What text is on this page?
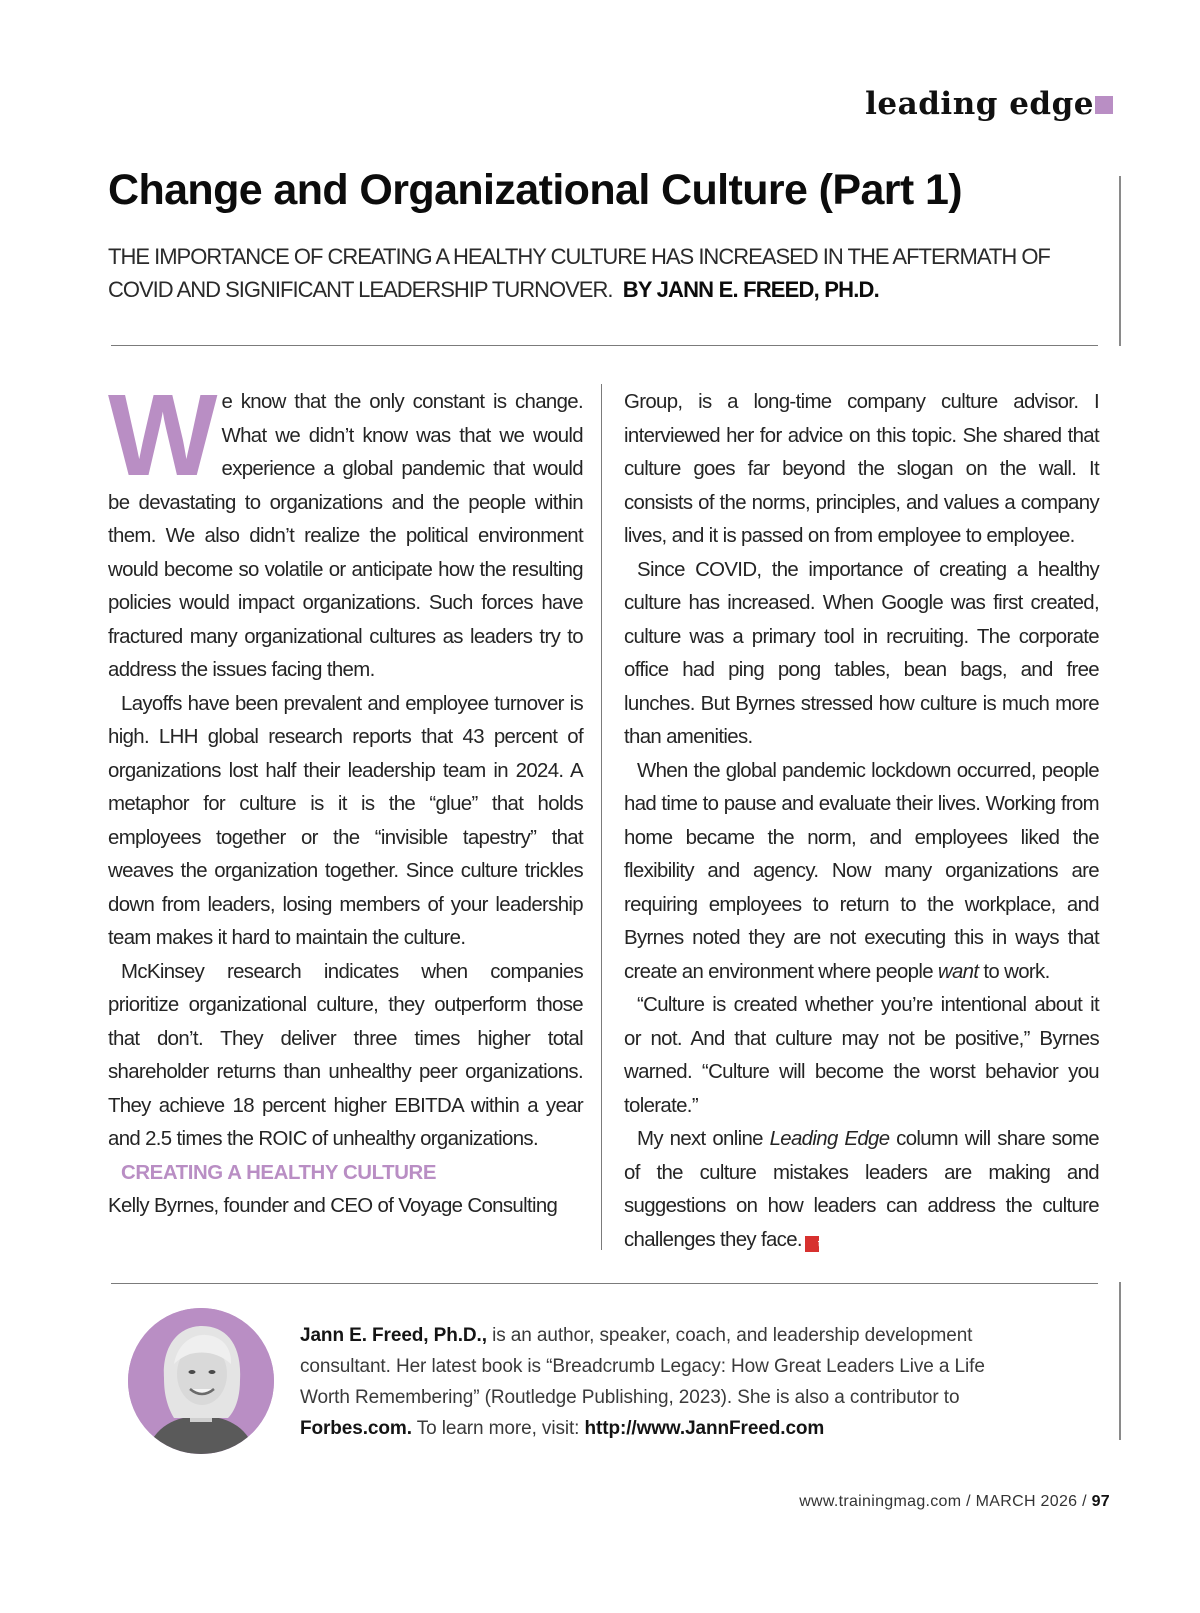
leading edge
Change and Organizational Culture (Part 1)
THE IMPORTANCE OF CREATING A HEALTHY CULTURE HAS INCREASED IN THE AFTERMATH OF COVID AND SIGNIFICANT LEADERSHIP TURNOVER. BY JANN E. FREED, PH.D.

We know that the only constant is change. What we didn’t know was that we would experience a global pandemic that would be devastating to organizations and the people within them. We also didn’t realize the political environment would become so volatile or anticipate how the resulting policies would impact organizations. Such forces have fractured many organizational cultures as leaders try to address the issues facing them.

Layoffs have been prevalent and employee turnover is high. LHH global research reports that 43 percent of organizations lost half their leadership team in 2024. A metaphor for culture is it is the “glue” that holds employees together or the “invisible tapestry” that weaves the organization together. Since culture trickles down from leaders, losing members of your leadership team makes it hard to maintain the culture.

McKinsey research indicates when companies prioritize organizational culture, they outperform those that don’t. They deliver three times higher total shareholder returns than unhealthy peer organizations. They achieve 18 percent higher EBITDA within a year and 2.5 times the ROIC of unhealthy organizations.

CREATING A HEALTHY CULTURE

Kelly Byrnes, founder and CEO of Voyage Consulting

Group, is a long-time company culture advisor. I interviewed her for advice on this topic. She shared that culture goes far beyond the slogan on the wall. It consists of the norms, principles, and values a company lives, and it is passed on from employee to employee.

Since COVID, the importance of creating a healthy culture has increased. When Google was first created, culture was a primary tool in recruiting. The corporate office had ping pong tables, bean bags, and free lunches. But Byrnes stressed how culture is much more than amenities.

When the global pandemic lockdown occurred, people had time to pause and evaluate their lives. Working from home became the norm, and employees liked the flexibility and agency. Now many organizations are requiring employees to return to the workplace, and Byrnes noted they are not executing this in ways that create an environment where people want to work.

“Culture is created whether you’re intentional about it or not. And that culture may not be positive,” Byrnes warned. “Culture will become the worst behavior you tolerate.”

My next online Leading Edge column will share some of the culture mistakes leaders are making and suggestions on how leaders can address the culture challenges they face. t

Jann E. Freed, Ph.D., is an author, speaker, coach, and leadership development consultant. Her latest book is “Breadcrumb Legacy: How Great Leaders Live a Life Worth Remembering” (Routledge Publishing, 2023). She is also a contributor to Forbes.com. To learn more, visit: http://www.JannFreed.com
www.trainingmag.com / MARCH 2026 / 97
